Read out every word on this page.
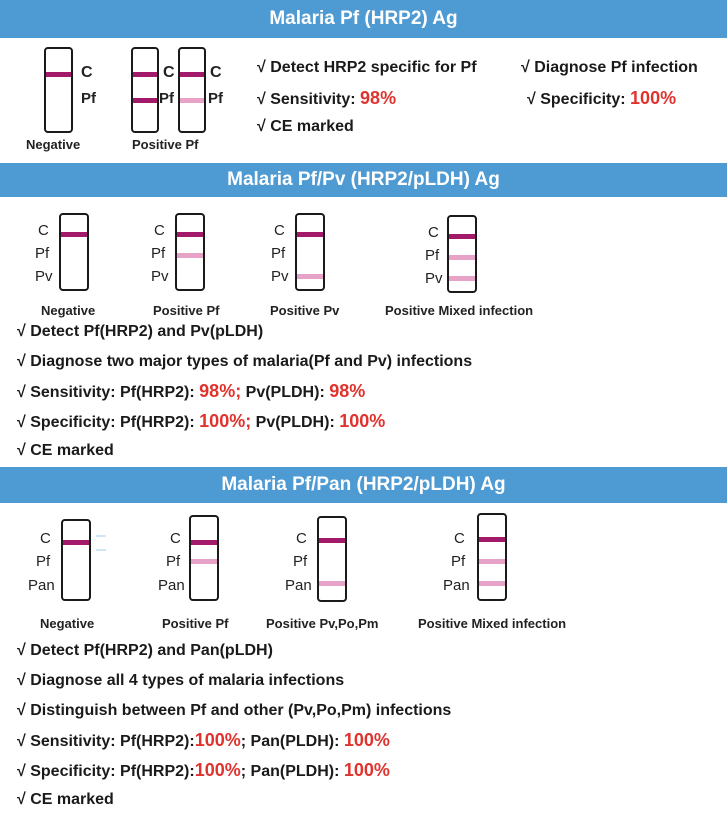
Malaria Pf (HRP2) Ag
C
Pf
Negative
C
Pf
C
Pf
Positive Pf
√ Detect HRP2 specific for Pf	√ Diagnose Pf infection
√ Sensitivity: 98%	√ Specificity: 100%
√ CE marked
Malaria Pf/Pv (HRP2/pLDH) Ag
C
Pf
Pv
Negative
C
Pf
Pv
Positive Pf
C
Pf
Pv
Positive Pv
C
Pf
Pv
Positive Mixed infection
√ Detect Pf(HRP2) and Pv(pLDH)
√ Diagnose two major types of malaria(Pf and Pv) infections
√ Sensitivity: Pf(HRP2): 98%; Pv(PLDH): 98%
√ Specificity: Pf(HRP2): 100%; Pv(PLDH): 100%
√ CE marked
Malaria Pf/Pan (HRP2/pLDH) Ag
C
Pf
Pan
Negative
C
Pf
Pan
Positive Pf
C
Pf
Pan
Positive Pv,Po,Pm
C
Pf
Pan
Positive Mixed infection
√ Detect Pf(HRP2) and Pan(pLDH)
√ Diagnose all 4 types of malaria infections
√ Distinguish between Pf and other (Pv,Po,Pm) infections
√ Sensitivity: Pf(HRP2):100%; Pan(PLDH): 100%
√ Specificity: Pf(HRP2):100%; Pan(PLDH): 100%
√ CE marked
